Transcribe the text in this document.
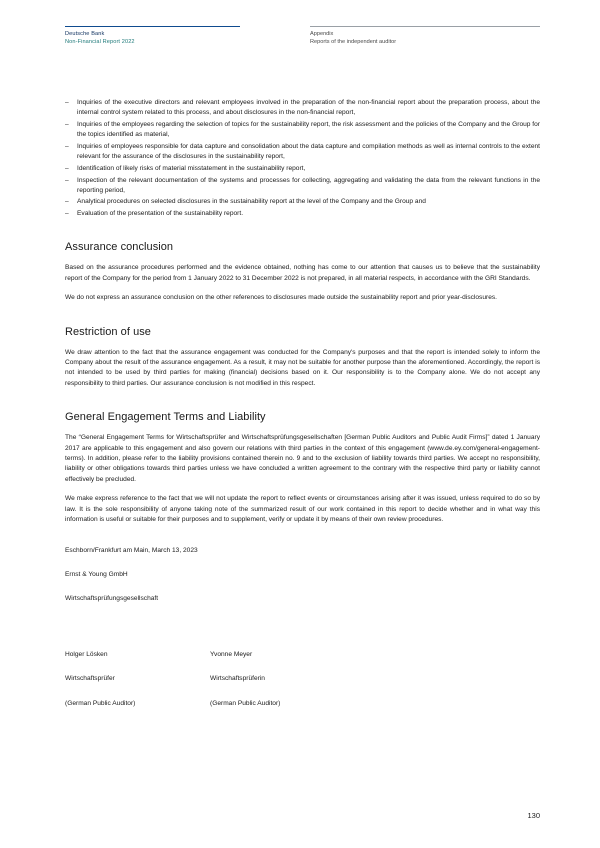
Deutsche Bank
Non-Financial Report 2022
Appendix
Reports of the independent auditor
– Inquiries of the executive directors and relevant employees involved in the preparation of the non-financial report about the preparation process, about the internal control system related to this process, and about disclosures in the non-financial report,
– Inquiries of the employees regarding the selection of topics for the sustainability report, the risk assessment and the policies of the Company and the Group for the topics identified as material,
– Inquiries of employees responsible for data capture and consolidation about the data capture and compilation methods as well as internal controls to the extent relevant for the assurance of the disclosures in the sustainability report,
– Identification of likely risks of material misstatement in the sustainability report,
– Inspection of the relevant documentation of the systems and processes for collecting, aggregating and validating the data from the relevant functions in the reporting period,
– Analytical procedures on selected disclosures in the sustainability report at the level of the Company and the Group and
– Evaluation of the presentation of the sustainability report.
Assurance conclusion

Based on the assurance procedures performed and the evidence obtained, nothing has come to our attention that causes us to believe that the sustainability report of the Company for the period from 1 January 2022 to 31 December 2022 is not prepared, in all material respects, in accordance with the GRI Standards.

We do not express an assurance conclusion on the other references to disclosures made outside the sustainability report and prior year-disclosures.

Restriction of use

We draw attention to the fact that the assurance engagement was conducted for the Company's purposes and that the report is intended solely to inform the Company about the result of the assurance engagement. As a result, it may not be suitable for another purpose than the aforementioned. Accordingly, the report is not intended to be used by third parties for making (financial) decisions based on it. Our responsibility is to the Company alone. We do not accept any responsibility to third parties. Our assurance conclusion is not modified in this respect.

General Engagement Terms and Liability

The “General Engagement Terms for Wirtschaftsprüfer and Wirtschaftsprüfungsgesellschaften [German Public Auditors and Public Audit Firms]” dated 1 January 2017 are applicable to this engagement and also govern our relations with third parties in the context of this engagement (www.de.ey.com/general-engagement-terms). In addition, please refer to the liability provisions contained therein no. 9 and to the exclusion of liability towards third parties. We accept no responsibility, liability or other obligations towards third parties unless we have concluded a written agreement to the contrary with the respective third party or liability cannot effectively be precluded.

We make express reference to the fact that we will not update the report to reflect events or circumstances arising after it was issued, unless required to do so by law. It is the sole responsibility of anyone taking note of the summarized result of our work contained in this report to decide whether and in what way this information is useful or suitable for their purposes and to supplement, verify or update it by means of their own review procedures.

Eschborn/Frankfurt am Main, March 13, 2023

Ernst & Young GmbH

Wirtschaftsprüfungsgesellschaft

Holger Lösken
Wirtschaftsprüfer
(German Public Auditor)
Yvonne Meyer
Wirtschaftsprüferin
(German Public Auditor)
130
